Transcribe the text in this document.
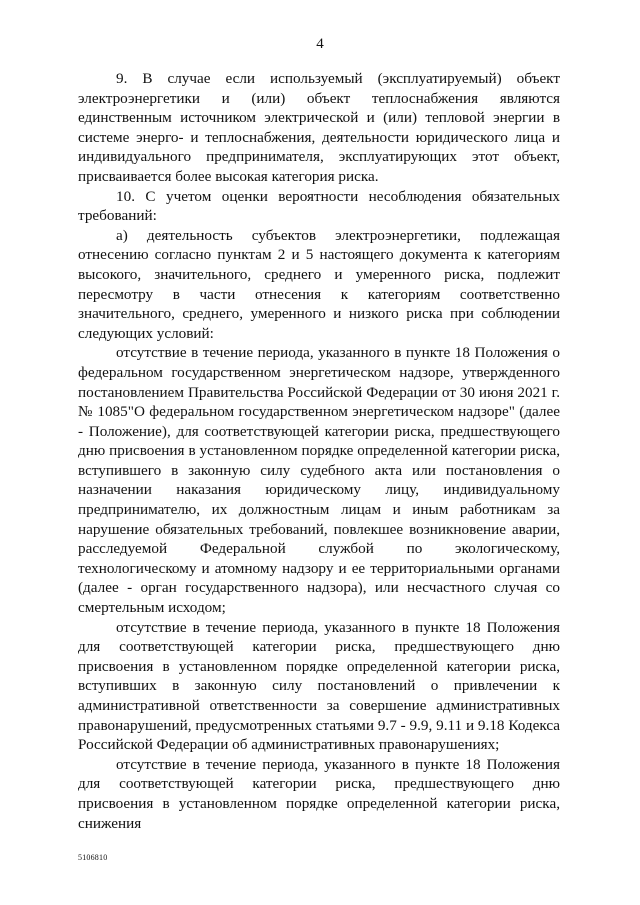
4

9. В случае если используемый (эксплуатируемый) объект электроэнергетики и (или) объект теплоснабжения являются единственным источником электрической и (или) тепловой энергии в системе энерго- и теплоснабжения, деятельности юридического лица и индивидуального предпринимателя, эксплуатирующих этот объект, присваивается более высокая категория риска.

10. С учетом оценки вероятности несоблюдения обязательных требований:

а) деятельность субъектов электроэнергетики, подлежащая отнесению согласно пунктам 2 и 5 настоящего документа к категориям высокого, значительного, среднего и умеренного риска, подлежит пересмотру в части отнесения к категориям соответственно значительного, среднего, умеренного и низкого риска при соблюдении следующих условий:

отсутствие в течение периода, указанного в пункте 18 Положения о федеральном государственном энергетическом надзоре, утвержденного постановлением Правительства Российской Федерации от 30 июня 2021 г. № 1085"О федеральном государственном энергетическом надзоре" (далее - Положение), для соответствующей категории риска, предшествующего дню присвоения в установленном порядке определенной категории риска, вступившего в законную силу судебного акта или постановления о назначении наказания юридическому лицу, индивидуальному предпринимателю, их должностным лицам и иным работникам за нарушение обязательных требований, повлекшее возникновение аварии, расследуемой Федеральной службой по экологическому, технологическому и атомному надзору и ее территориальными органами (далее - орган государственного надзора), или несчастного случая со смертельным исходом;

отсутствие в течение периода, указанного в пункте 18 Положения для соответствующей категории риска, предшествующего дню присвоения в установленном порядке определенной категории риска, вступивших в законную силу постановлений о привлечении к административной ответственности за совершение административных правонарушений, предусмотренных статьями 9.7 - 9.9, 9.11 и 9.18 Кодекса Российской Федерации об административных правонарушениях;

отсутствие в течение периода, указанного в пункте 18 Положения для соответствующей категории риска, предшествующего дню присвоения в установленном порядке определенной категории риска, снижения

5106810
